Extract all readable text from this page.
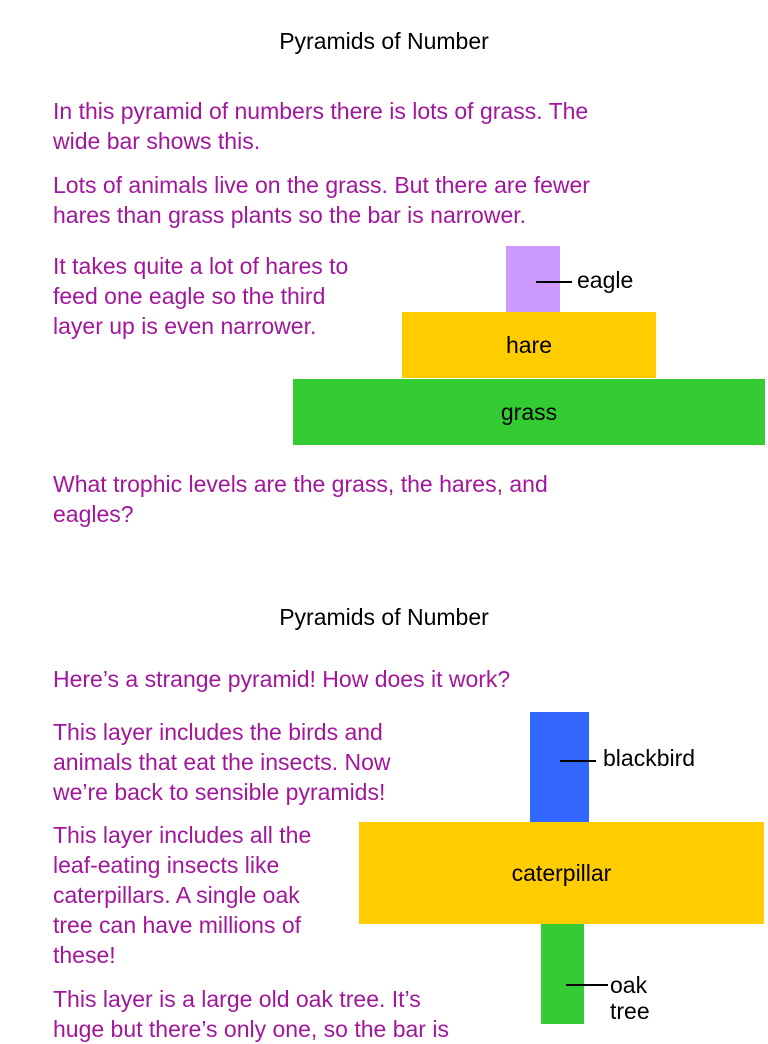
Pyramids of Number
In this pyramid of numbers there is lots of grass. The
wide bar shows this.
Lots of animals live on the grass. But there are fewer
hares than grass plants so the bar is narrower.
It takes quite a lot of hares to
feed one eagle so the third
layer up is even narrower.
eagle
hare
grass
What trophic levels are the grass, the hares, and
eagles?
Pyramids of Number
Here’s a strange pyramid! How does it work?
This layer includes the birds and
animals that eat the insects. Now
we’re back to sensible pyramids!
This layer includes all the
leaf-eating insects like
caterpillars. A single oak
tree can have millions of
these!
This layer is a large old oak tree. It’s
huge but there’s only one, so the bar is
blackbird
caterpillar
oak tree
